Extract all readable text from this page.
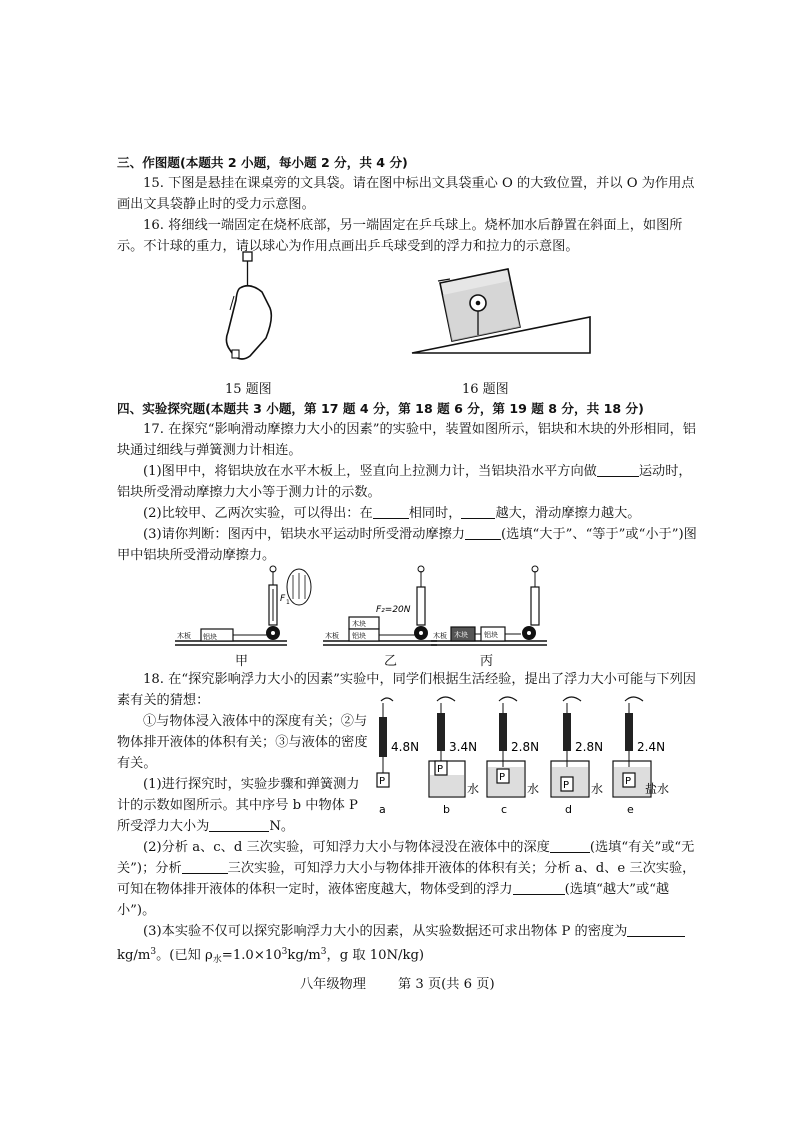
三、作图题(本题共 2 小题，每小题 2 分，共 4 分)
15. 下图是悬挂在课桌旁的文具袋。请在图中标出文具袋重心 O 的大致位置，并以 O 为作用点画出文具袋静止时的受力示意图。
16. 将细线一端固定在烧杯底部，另一端固定在乒乓球上。烧杯加水后静置在斜面上，如图所示。不计球的重力，请以球心为作用点画出乒乓球受到的浮力和拉力的示意图。
15 题图	16 题图
四、实验探究题(本题共 3 小题，第 17 题 4 分，第 18 题 6 分，第 19 题 8 分，共 18 分)
17. 在探究“影响滑动摩擦力大小的因素”的实验中，装置如图所示，铝块和木块的外形相同，铝块通过细线与弹簧测力计相连。
(1)图甲中，将铝块放在水平木板上，竖直向上拉测力计，当铝块沿水平方向做	运动时，铝块所受滑动摩擦力大小等于测力计的示数。
(2)比较甲、乙两次实验，可以得出：在	相同时，	越大，滑动摩擦力越大。
(3)请你判断：图丙中，铝块水平运动时所受滑动摩擦力	(选填“大于”、“等于”或“小于”)图甲中铝块所受滑动摩擦力。
铝块
木板
F 1
木块
铝块
木板
F₂=20N
木块 铝块
木板
甲	乙	丙
18. 在“探究影响浮力大小的因素”实验中，同学们根据生活经验，提出了浮力大小可能与下列因素有关的猜想：
①与物体浸入液体中的深度有关；②与物体排开液体的体积有关；③与液体的密度有关。
(1)进行探究时，实验步骤和弹簧测力计的示数如图所示。其中序号 b 中物体 P 所受浮力大小为	N。
P
4.8N
a
P
3.4N
水
b
P
2.8N
水
c
P
2.8N
水
d
P
2.4N
盐水
e
(2)分析 a、c、d 三次实验，可知浮力大小与物体浸没在液体中的深度	(选填“有关”或“无关”)；分析	三次实验，可知浮力大小与物体排开液体的体积有关；分析 a、d、e 三次实验，可知在物体排开液体的体积一定时，液体密度越大，物体受到的浮力	(选填“越大”或“越小”)。
(3)本实验不仅可以探究影响浮力大小的因素，从实验数据还可求出物体 P 的密度为$kg/m^3$。(已知 $\rho_水=1.0\times 10^3kg/m^3$，g 取 10N/kg)
八年级物理 第 3 页(共 6 页)
